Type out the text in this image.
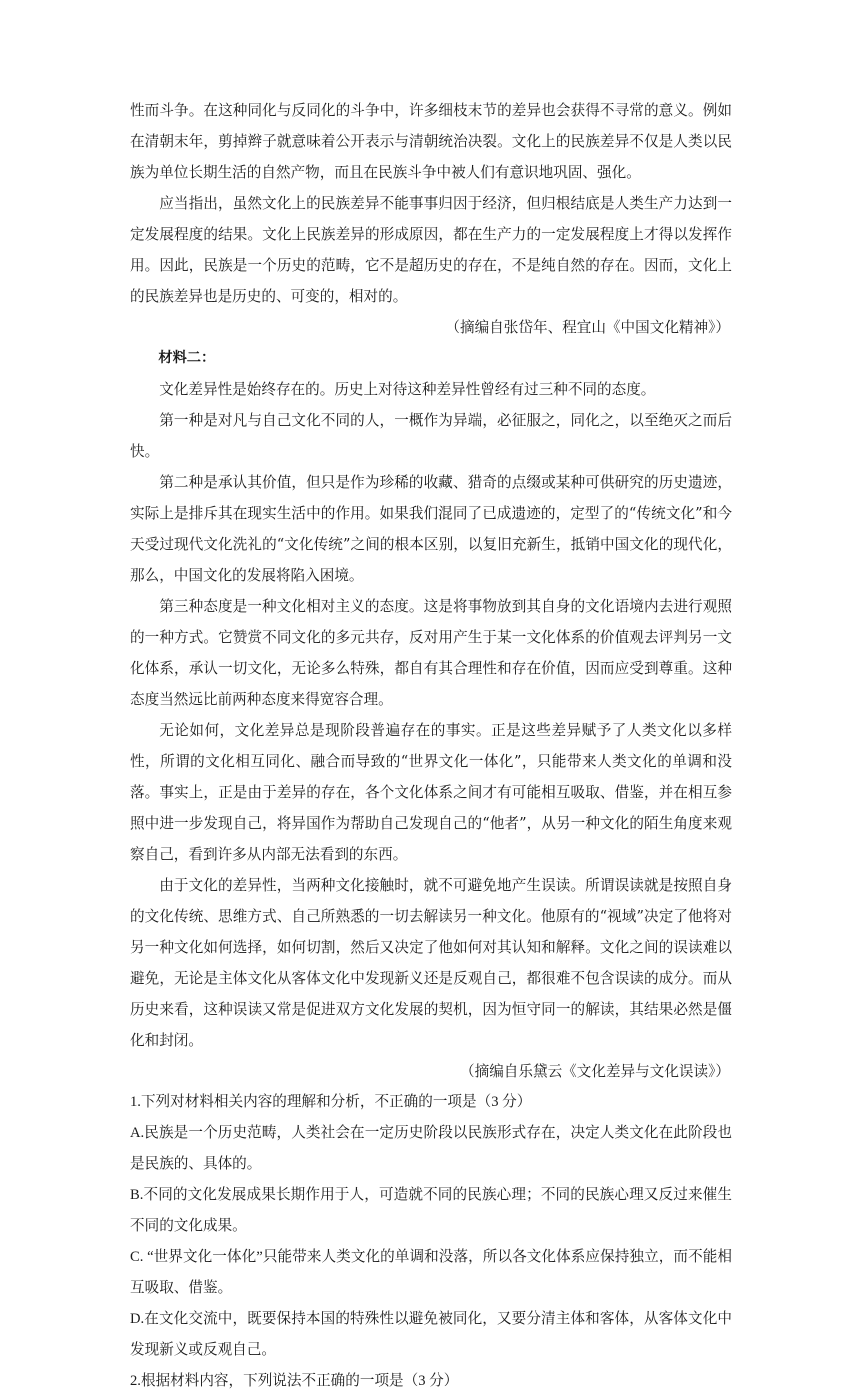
性而斗争。在这种同化与反同化的斗争中，许多细枝末节的差异也会获得不寻常的意义。例如在清朝末年，剪掉辫子就意味着公开表示与清朝统治决裂。文化上的民族差异不仅是人类以民族为单位长期生活的自然产物，而且在民族斗争中被人们有意识地巩固、强化。

应当指出，虽然文化上的民族差异不能事事归因于经济，但归根结底是人类生产力达到一定发展程度的结果。文化上民族差异的形成原因，都在生产力的一定发展程度上才得以发挥作用。因此，民族是一个历史的范畴，它不是超历史的存在，不是纯自然的存在。因而，文化上的民族差异也是历史的、可变的，相对的。

（摘编自张岱年、程宜山《中国文化精神》）

材料二：

文化差异性是始终存在的。历史上对待这种差异性曾经有过三种不同的态度。

第一种是对凡与自己文化不同的人，一概作为异端，必征服之，同化之，以至绝灭之而后快。

第二种是承认其价值，但只是作为珍稀的收藏、猎奇的点缀或某种可供研究的历史遗迹，实际上是排斥其在现实生活中的作用。如果我们混同了已成遗迹的，定型了的“传统文化”和今天受过现代文化洗礼的“文化传统”之间的根本区别，以复旧充新生，抵销中国文化的现代化，那么，中国文化的发展将陷入困境。

第三种态度是一种文化相对主义的态度。这是将事物放到其自身的文化语境内去进行观照的一种方式。它赞赏不同文化的多元共存，反对用产生于某一文化体系的价值观去评判另一文化体系，承认一切文化，无论多么特殊，都自有其合理性和存在价值，因而应受到尊重。这种态度当然远比前两种态度来得宽容合理。

无论如何，文化差异总是现阶段普遍存在的事实。正是这些差异赋予了人类文化以多样性，所谓的文化相互同化、融合而导致的“世界文化一体化”，只能带来人类文化的单调和没落。事实上，正是由于差异的存在，各个文化体系之间才有可能相互吸取、借鉴，并在相互参照中进一步发现自己，将异国作为帮助自己发现自己的“他者”，从另一种文化的陌生角度来观察自己，看到许多从内部无法看到的东西。

由于文化的差异性，当两种文化接触时，就不可避免地产生误读。所谓误读就是按照自身的文化传统、思维方式、自己所熟悉的一切去解读另一种文化。他原有的“视域”决定了他将对另一种文化如何选择，如何切割，然后又决定了他如何对其认知和解释。文化之间的误读难以避免，无论是主体文化从客体文化中发现新义还是反观自己，都很难不包含误读的成分。而从历史来看，这种误读又常是促进双方文化发展的契机，因为恒守同一的解读，其结果必然是僵化和封闭。

（摘编自乐黛云《文化差异与文化误读》）

1.下列对材料相关内容的理解和分析，不正确的一项是（3 分）

A.民族是一个历史范畴，人类社会在一定历史阶段以民族形式存在，决定人类文化在此阶段也是民族的、具体的。

B.不同的文化发展成果长期作用于人，可造就不同的民族心理；不同的民族心理又反过来催生不同的文化成果。

C. “世界文化一体化”只能带来人类文化的单调和没落，所以各文化体系应保持独立，而不能相互吸取、借鉴。

D.在文化交流中，既要保持本国的特殊性以避免被同化，又要分清主体和客体，从客体文化中发现新义或反观自己。

2.根据材料内容，下列说法不正确的一项是（3 分）
